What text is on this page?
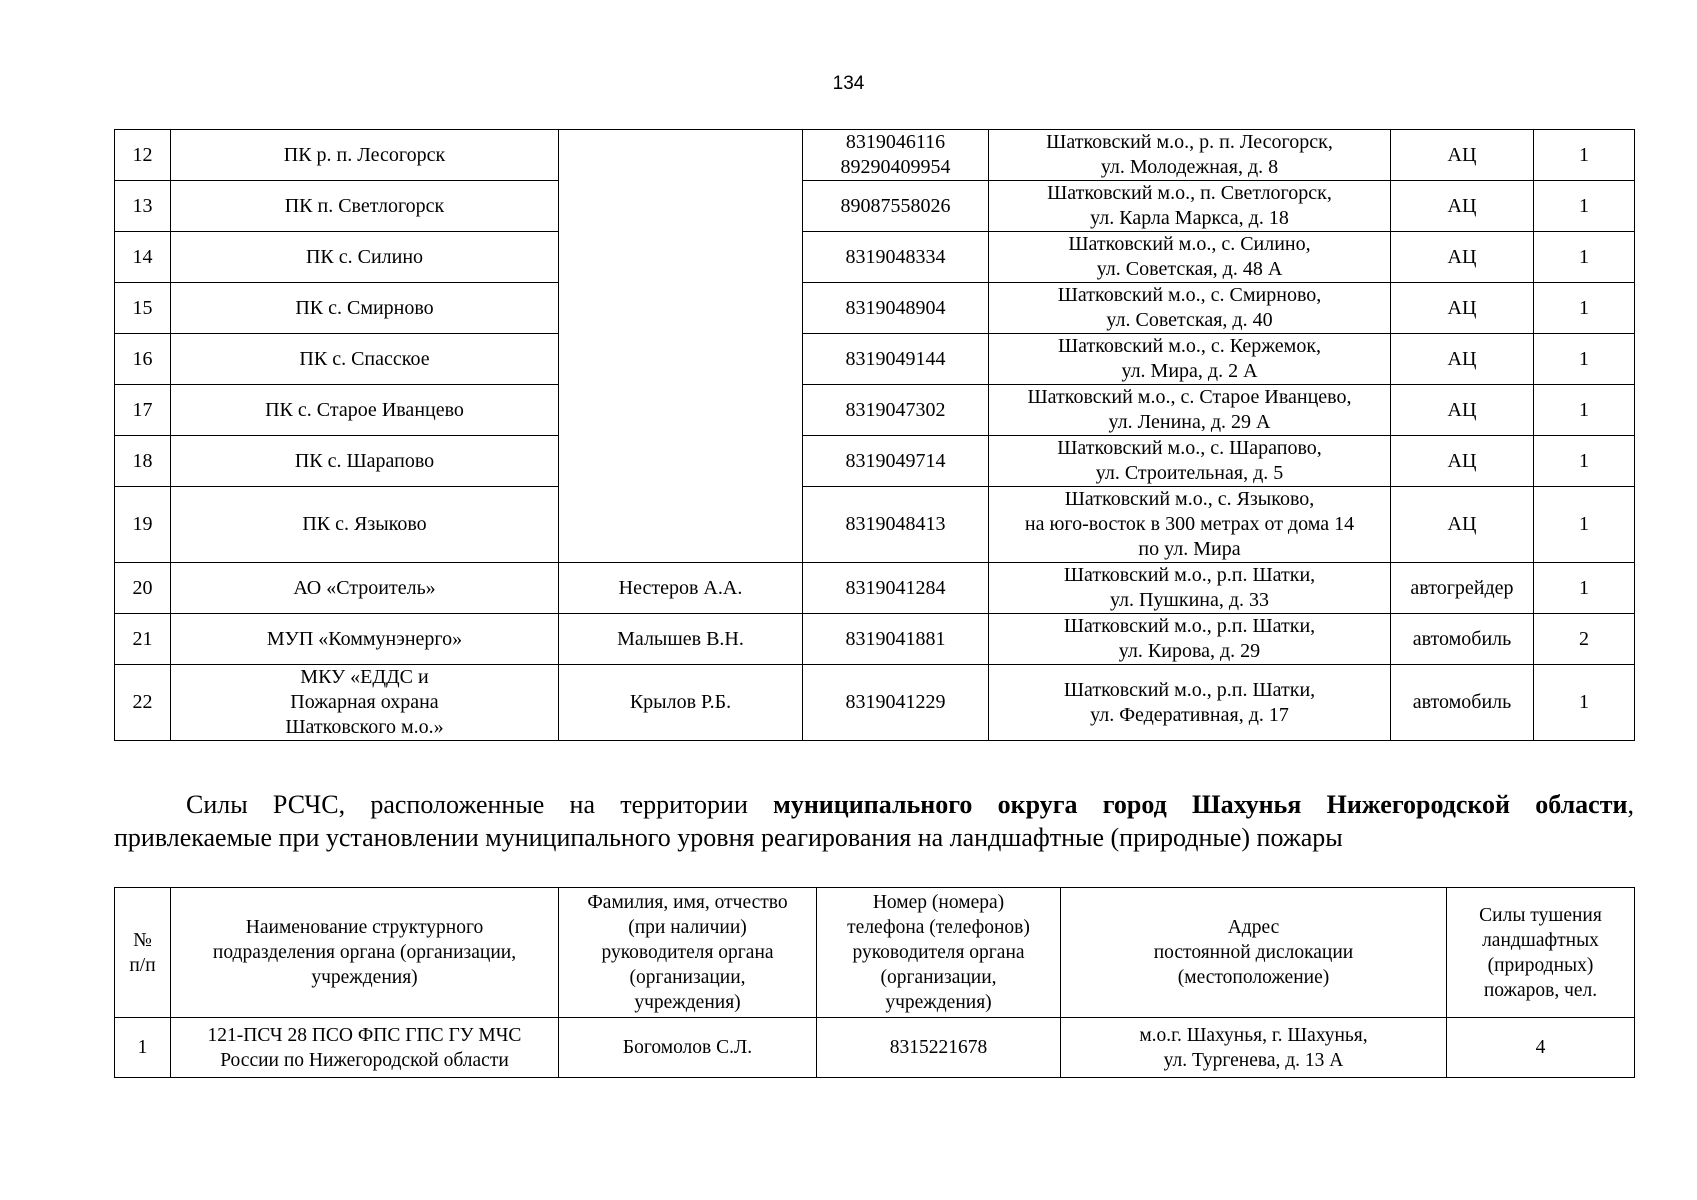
134
12	ПК р. п. Лесогорск		8319046116
89290409954	Шатковский м.о., р. п. Лесогорск,
ул. Молодежная, д. 8	АЦ	1
13	ПК п. Светлогорск		89087558026	Шатковский м.о., п. Светлогорск,
ул. Карла Маркса, д. 18	АЦ	1
14	ПК с. Силино		8319048334	Шатковский м.о., с. Силино,
ул. Советская, д. 48 А	АЦ	1
15	ПК с. Смирново		8319048904	Шатковский м.о., с. Смирново,
ул. Советская, д. 40	АЦ	1
16	ПК с. Спасское		8319049144	Шатковский м.о., с. Кержемок,
ул. Мира, д. 2 А	АЦ	1
17	ПК с. Старое Иванцево		8319047302	Шатковский м.о., с. Старое Иванцево,
ул. Ленина, д. 29 А	АЦ	1
18	ПК с. Шарапово		8319049714	Шатковский м.о., с. Шарапово,
ул. Строительная, д. 5	АЦ	1
19	ПК с. Языково		8319048413	Шатковский м.о., с. Языково,
на юго-восток в 300 метрах от дома 14
по ул. Мира	АЦ	1
20	АО «Строитель»	Нестеров А.А.	8319041284	Шатковский м.о., р.п. Шатки,
ул. Пушкина, д. 33	автогрейдер	1
21	МУП «Коммунэнерго»	Малышев В.Н.	8319041881	Шатковский м.о., р.п. Шатки,
ул. Кирова, д. 29	автомобиль	2
22	МКУ «ЕДДС и
Пожарная охрана
Шатковского м.о.»	Крылов Р.Б.	8319041229	Шатковский м.о., р.п. Шатки,
ул. Федеративная, д. 17	автомобиль	1
Силы РСЧС, расположенные на территории муниципального округа город Шахунья Нижегородской области,
привлекаемые при установлении муниципального уровня реагирования на ландшафтные (природные) пожары
№
п/п	Наименование структурного
подразделения органа (организации,
учреждения)	Фамилия, имя, отчество
(при наличии)
руководителя органа
(организации,
учреждения)	Номер (номера)
телефона (телефонов)
руководителя органа
(организации,
учреждения)	Адрес
постоянной дислокации
(местоположение)	Силы тушения
ландшафтных
(природных)
пожаров, чел.

1	121-ПСЧ 28 ПСО ФПС ГПС ГУ МЧС
России по Нижегородской области	Богомолов С.Л.	8315221678	м.о.г. Шахунья, г. Шахунья,
ул. Тургенева, д. 13 А	4
